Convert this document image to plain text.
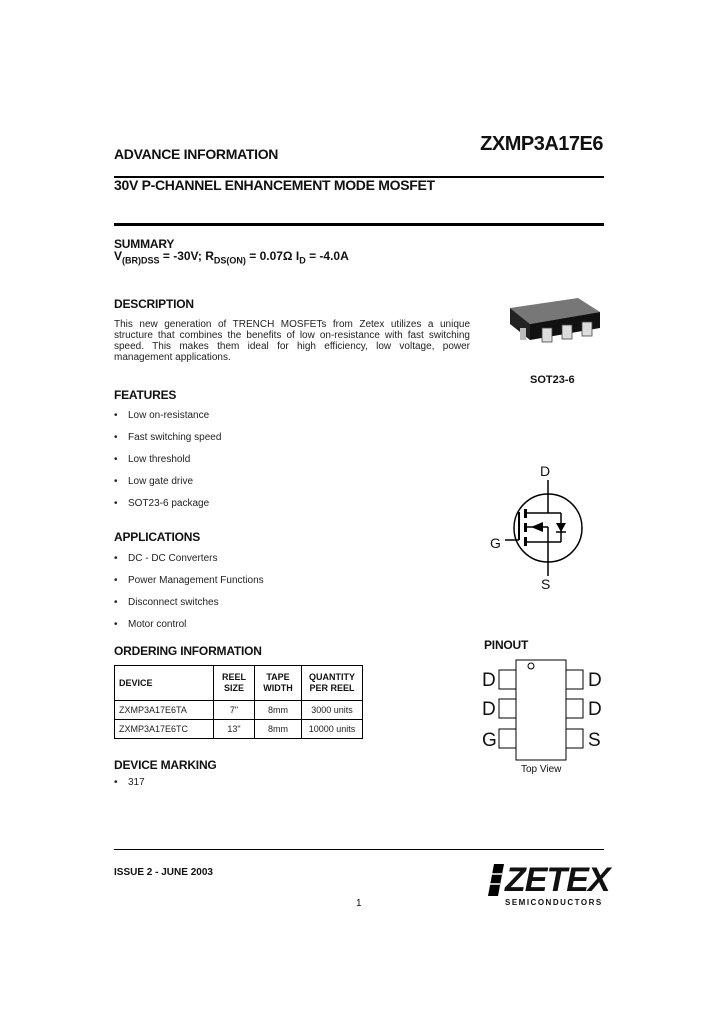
ADVANCE INFORMATION	ZXMP3A17E6
30V P-CHANNEL ENHANCEMENT MODE MOSFET
SUMMARY
$V_{(BR)DSS} = -30V$; $R_{DS(ON)} = 0.07\Omega$ $I_D = -4.0A$
DESCRIPTION
This new generation of TRENCH MOSFETs from Zetex utilizes a unique structure that combines the benefits of low on-resistance with fast switching speed. This makes them ideal for high efficiency, low voltage, power management applications.
SOT23-6
FEATURES
• Low on-resistance
• Fast switching speed
• Low threshold
• Low gate drive
• SOT23-6 package
APPLICATIONS
• DC - DC Converters
• Power Management Functions
• Disconnect switches
• Motor control
D
G
S
PINOUT
D
D
G
D
D
S
Top View
ORDERING INFORMATION
DEVICE	REEL SIZE	TAPE WIDTH	QUANTITY PER REEL
ZXMP3A17E6TA	7"	8mm	3000 units
ZXMP3A17E6TC	13"	8mm	10000 units
DEVICE MARKING
• 317
ISSUE 2 - JUNE 2003
1
ZETEX
SEMICONDUCTORS
